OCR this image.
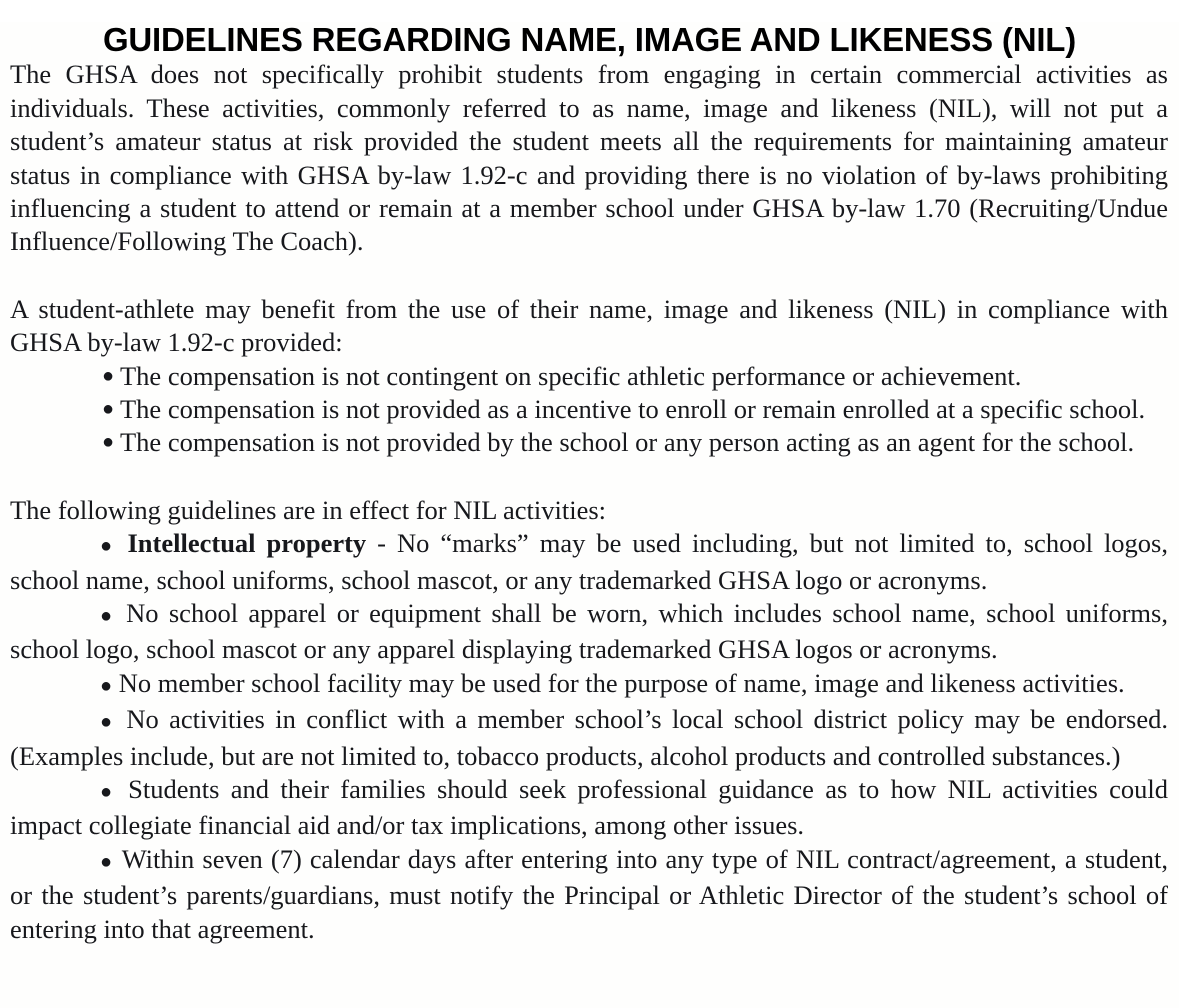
GUIDELINES REGARDING NAME, IMAGE AND LIKENESS (NIL)

The GHSA does not specifically prohibit students from engaging in certain commercial activities as individuals. These activities, commonly referred to as name, image and likeness (NIL), will not put a student’s amateur status at risk provided the student meets all the requirements for maintaining amateur status in compliance with GHSA by-law 1.92-c and providing there is no violation of by-laws prohibiting influencing a student to attend or remain at a member school under GHSA by-law 1.70 (Recruiting/Undue Influence/Following The Coach).

A student-athlete may benefit from the use of their name, image and likeness (NIL) in compliance with GHSA by-law 1.92-c provided:

● The compensation is not contingent on specific athletic performance or achievement.
● The compensation is not provided as a incentive to enroll or remain enrolled at a specific school.
● The compensation is not provided by the school or any person acting as an agent for the school.

The following guidelines are in effect for NIL activities:

● Intellectual property - No “marks” may be used including, but not limited to, school logos, school name, school uniforms, school mascot, or any trademarked GHSA logo or acronyms.

● No school apparel or equipment shall be worn, which includes school name, school uniforms, school logo, school mascot or any apparel displaying trademarked GHSA logos or acronyms.

● No member school facility may be used for the purpose of name, image and likeness activities.

● No activities in conflict with a member school’s local school district policy may be endorsed. (Examples include, but are not limited to, tobacco products, alcohol products and controlled substances.)

● Students and their families should seek professional guidance as to how NIL activities could impact collegiate financial aid and/or tax implications, among other issues.

● Within seven (7) calendar days after entering into any type of NIL contract/agreement, a student, or the student’s parents/guardians, must notify the Principal or Athletic Director of the student’s school of entering into that agreement.
